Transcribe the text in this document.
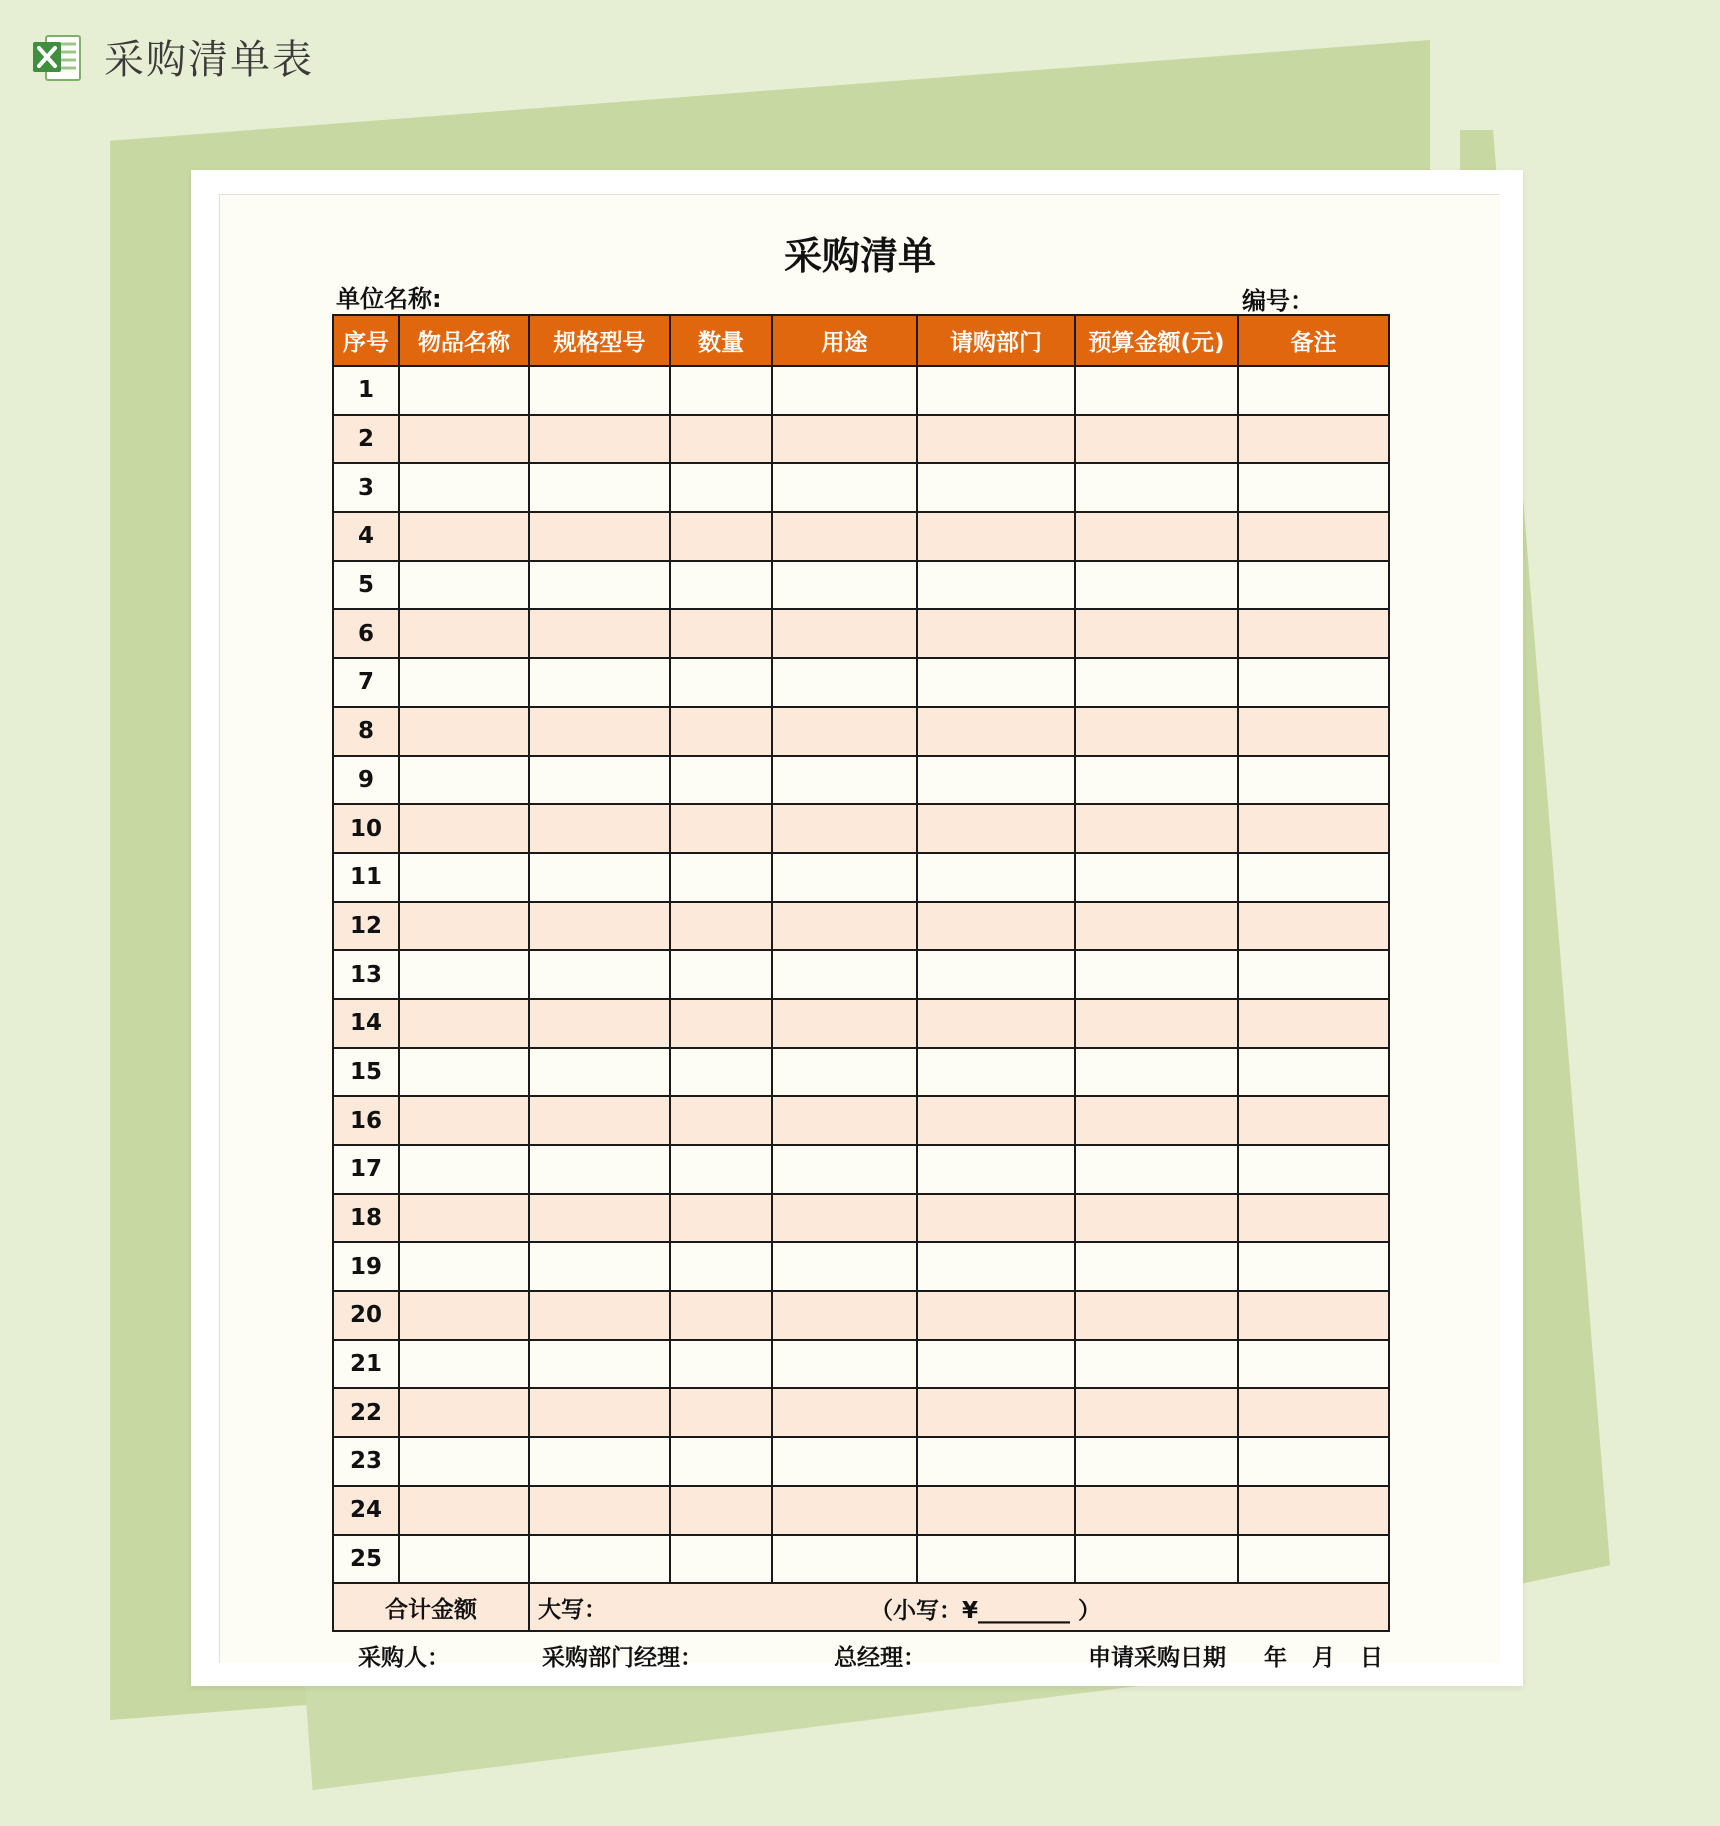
采购清单表
采购清单
单位名称:	编号：
序号	物品名称	规格型号	数量	用途	请购部门	预算金额(元)	备注
1							
2							
3							
4							
5							
6							
7							
8							
9							
10							
11							
12							
13							
14							
15							
16							
17							
18							
19							
20							
21							
22							
23							
24							
25							
合计金额		大写： （小写：¥________ ）					
采购人：	采购部门经理：	总经理：	申请采购日期 年 月 日
